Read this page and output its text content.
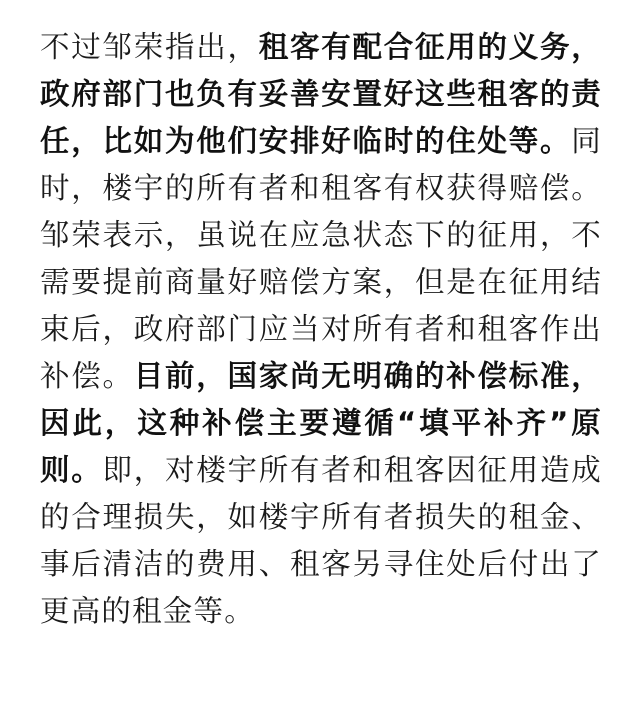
不过邹荣指出，租客有配合征用的义务，政府部门也负有妥善安置好这些租客的责任，比如为他们安排好临时的住处等。同时，楼宇的所有者和租客有权获得赔偿。邹荣表示，虽说在应急状态下的征用，不需要提前商量好赔偿方案，但是在征用结束后，政府部门应当对所有者和租客作出补偿。目前，国家尚无明确的补偿标准，因此，这种补偿主要遵循“填平补齐”原则。即，对楼宇所有者和租客因征用造成的合理损失，如楼宇所有者损失的租金、事后清洁的费用、租客另寻住处后付出了更高的租金等。
